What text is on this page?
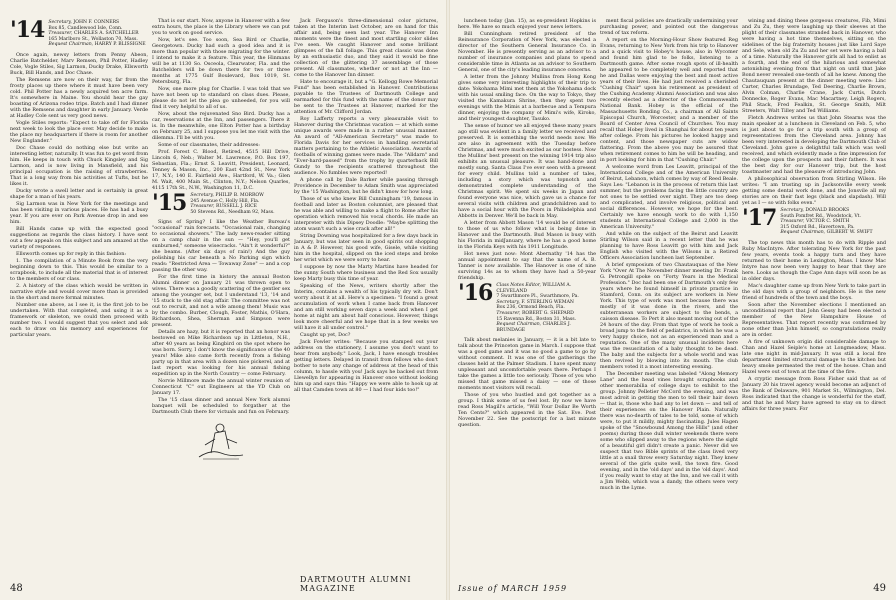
'14 Secretary, JOHN F. CONNERS
Box 85, Candlewood Isle, Conn.
Treasurer, CHARLES A. SATCHELLER
165 Marlboro St., Wollaston 70, Mass.
Bequest Chairman, HARRY P. BLISSIGNE

Once again, newsy letters from Penny Abeon, Charlie Batchelder, Marv Remsen, Phil Potter, Hadley Cole, Vogle Stiles, Sig Larmon, Ducky Drake, Ellsworth Buck, Bill Hands, and Doc Chase.

The Remsens are now on their way, far from the frosty places up there where it must have been very cold. Phil Potter has a newly acquired ten acre farm. It's somewhere in Maine. You should hear the gay boasting of Arizona rodeo trips. Batch and I had dinner with the Remsens and daughter in early January. Verde at Hadley Cole sent us very good news.

Vogle Stiles reports: "Expect to take off for Florida next week to look the place over. May decide to make the place my headquarters if there is room for another New Englander."

Doc Chase could do nothing else but write an interesting letter, naturally. It was fun to get word from him. He keeps in touch with Chuck Kingsley and Sig Larmon, and is now living in Mansfield, and his principal occupation is the raising of strawberries. That is a long way from his activities at Tufts, but he likes it.

Ducky wrote a swell letter and is certainly in great shape for a man of his years.

Sig Larmon was in New York for the meetings and has been visiting in various places. He has had a busy year. If you are ever on Park Avenue drop in and see him.

Bill Hands came up with the expected good suggestions as regards the class history. I have sent out a few appeals on this subject and am amazed at the variety of responses.

Ellsworth comes up for reply in this fashion:

1. The compilation of a Minute Book from the very beginning down to this. This would be similar to a scrapbook, to include all the material that is of interest to the members of our class.

2. A history of the class which would be written in narrative style and would cover more than is provided in the short and more formal minutes.

Number one above, as I see it, is the first job to be undertaken. With that completed, and using it as a framework or skeleton, we could then proceed with number two. I would suggest that you select and ask each to draw on his memory and experiences for particular years.

That is our start. Now, anyone in Hanover with a few extra hours, the place is the Library where we can put you to work on good service.

Now, let's see. Too soon, Sea Bird or Charlie, Georgetown. Ducky had such a good idea and it is more than popular with those migrating for the winter. I intend to make it a feature. This year, the Hinmans will be at 1130 So. Osceola, Clearwater, Fla. and the Batchelders will be down there for two or three months at 1775 Gulf Boulevard, Box 1019, St. Petersburg, Fla.

Now, one more plug for Charlie. I was told that we have not been up to standard on class dues. Please, please do not let the plea go unheeded, for you will find it very helpful to all of us.

Now, about the rejuvenated Sno Bird. Ducky has a car, reservations at the Inn, and passengers. There it is. In the meanwhile, one Elton Potter has a birthday on February 25, and I suppose you let me visit with the dilemma. I'll be with you.

Some of our classmates, their addresses:

Prof. Forest C. Blood, Retired, 4515 Hill Drive, Lincoln 6, Neb.; Walter M. Lawrence, P.O. Box 197, Sebastian, Fla.; Ernst S. Leavitt, President, Leonard, Tenney & Mason, Inc., 200 East 42nd St., New York 17, N.Y.; 140 E. Fairfield Ave., Hartford, W. Va.; Glen M. Wait, 400 Main St., Clinton, N.Y.; Nelson Quarles, 4115 17th St., N.W., Washington 11, D.C.

'15 Secretary, PHILIP B. MORROW
245 Avenue C, Holly Hill, Fla.
Treasurer, RUSSELL J. RICE
50 Stevens Rd., Needham 92, Mass.

Signs of Spring? I like the Weather Bureau's "occasional" rain forecasts. "Occasional rain, changing to occasional showers." The lady news-reader sitting on a camp chair in the sun — "Hey, you'll get sunburned," someone wisecracks. "Ain't it wonderful?" she beams. (After six days of rain!) And the guy polishing his car beneath a No Parking sign which reads: "Restricted Area — Towaway Zone" — and a cop passing the other way.

For the first time in history the annual Boston Alumni dinner on January 21 was thrown open to wives. There was a goodly scattering of the gentler sex among the younger set, but I understand '13, '14 and '15 stuck to the old stag affair. The committee was not out to recruit, and not a wife among them! Music was by the combo. Burber, Clough, Foster, Mathis, O'Hara, Richardson, Shea, Sherman and Simpson were present.

Details are hazy, but it is reported that an honor was bestowed on Mike Richardson up in Littleton, N.H., after 40 years as being Kingbird on the spot where he was born. Sorry, I don't know the significance of the 40 years! Mike also came forth recently from a fishing party up in that area with a dozen nice pickerel, and at last report was looking for his annual fishing expedition up in the North Country — come February.

Norvie Millmore made the annual winter reunion of Connecticut "C" out Engineers at the YD Club on January 17.

The '15 class dinner and annual New York alumni banquet will be scheduled to forgather at the Dartmouth Club there for victuals and fun on February.

Jack Ferguson's three-dimensional color pictures, taken at the Interim last October, are on hand for this affair and, being seen last year. The Hanover Inn moments were the finest and most startling color slides I've seen. We caught Hanover and some brilliant glimpses of the fall foliage. This great classic was done by an enthusiastic duo, and they said it would be fine collection of the glittering 37 assemblage of those present. All classmates, whether or not at the Inn — come to the Hanover Inn dinner.

Hate to encourage it, but a "G. Kellogg Rowe Memorial Fund" has been established in Hanover. Contributions payable to the Trustees of Dartmouth College and earmarked for this fund with the name of the donor may be sent to the Trustees at Hanover, marked for the attention of Mr. Clifford Jordan.

Roy Lafferty reports a very pleasurable visit to Hanover during the Christmas vacation — at which some unique awards were made in a rather unusual manner. An award of "All-American Secretary" was made to Florida Davis for her services in handling secretarial matters pertaining to the Athletic Association. Awards of footballs of winning games were made. The "Alldarn" and "Ever-hard-passed" from the trophy by quarterback Bill Gundy to the recipients scattered throughout the audience. No fumbles were reported!

A phone call by Dale Barker while passing through Providence in December to Adam Smith was appreciated by the '15 Washington, but he didn't know for how long.

Those of us who knew Bill Cunningham '19, famous in football and later as Boston columnist, are pleased that he was able and willing to make a flight to Rome after his operation which removed his vocal chords. He made an interpreter with this Dipsey Doodle: "Maybe splitting the atom wasn't such a wise crack after all!"

String Downing was hospitalized for a few days back in January, but was later seen in good spirits out shopping in A & P. However, his good wife, Gisele, while visiting him in the hospital, slipped on the iced steps and broke her wrist which we were sorry to hear.

I suppose by now the Marty Martins have headed for the sunny South where business and the Red Sox usually keep Marty busy this time of year.

Speaking of the News, writers shortly after the Interim, contains a wealth of his typically dry wit. Don't worry about it at all. Here's a specimen: "I found a great accumulation of work when I came back from Hanover and am still working seven days a week and when I get home at night am about half conscious. However, things look more cheerful and we hope that in a few weeks we will have it all under control."

Caught up yet, Doc?

Jack Fowler writes: "Because you stamped out your address on the stationery, I assume you don't want to hear from anybody." Look, Jack, I have enough troubles getting letters. Delayed in transit from fellows who don't bother to note any change of address at the head of this column, to hassle with you! Jack says he backed out from Llewellyn for appearing in Hanover once without looking him up and says this: "Happy we were able to hook up at all that Camden town at 80 — I had four kids too!"

48
DARTMOUTH ALUMNI MAGAZINE

luncheon today (Jan. 15), as ex-president Hopkins is here. We have so much enjoyed your news letters.

Bill Cunningham retired president of the Reinsurance Corporation of New York, was elected a director of the Southern General Insurance Co. in November. He is presently serving as an advisor to a number of insurance companies and plans to spend considerable time in Atlanta as an advisor to Southern General, one of the city's leading insurance concerns.

A letter from the Johnny Mullins from Hong Kong gives some very interesting highlights of their trip to date: Yokohama Mimi met them at the Yokohama dock with his usual smiling face. On the way to Tokyo, they visited the Kamakura Shrine, then they spent two evenings with the Mimis at a barbecue and a Tempura dinner, enjoying the company of Mimi's wife, Kiroko, and their youngest daughter, Tasuko.

The sense of humor we all enjoyed these many years ago still was evident in a family letter we received and preserved. It is something the world needs now. We are also in agreement with the Tuesday before Christmas, and were much excited as our hostess. Now the Mullins' best present on the winning 1914 trip also exhibits an unusual pleasure. It was hand-done and mostly sung. Santa Claus I've ever seen with a present for every child. Mullins told a number of tales, including a story which was topnotch and demonstrated complete understanding of the Christmas spirit. We spent six weeks in Japan and found everyone was nice, which gave us a chance for several visits with children and grandchildren and to have a social hour with the Poors in Philadelphia and Abbotts in Denver. We'll be back in May.

A letter from Abbott Mason '14 would be of interest to those of us who follow what is being done in Hanover and the Dartmouth. Bud Mason is busy with his Florida in midJanuary, where he has a good home in the Florida Keys with his 1911 Longitude.

Hot news just now: Mont Abernathy '14 has the annual appointment to say that the name of A. B. Tanner is now available. The Hanover is one of nine surviving 14s as to whom they have had a 50-year friendship.

'16 Class Notes Editor, WILLIAM A. CLEVELAND
7 Swarthmore Pl., Swarthmore, Pa.
Secretary, F. STERLING WEMAN
Box 236, Ormond Beach, Fla.
Treasurer, ROBERT G. SHEPARD
15 Ravenna Rd., Boston 31, Mass.
Bequest Chairman, CHARLES J. BRUNDAGE

Talk about melanies in January, — it is a bit late to talk about the Princeton game in March. I suppose that was a good game and it was no good a game to go by without comment. It was one of the gatherings the classes held at the Palmer Stadium. I have spent many unpleasant and uncomfortable years there. Perhaps I take the games a little too seriously. Those of you who missed that game missed a daisy — one of those moments most visitors will recall.

Those of you who hustled and got together as a group. I think some of us feel lost. By now we have read Ross Magill's article, "Will Your Dollar Be Worth Ten Cents?" which appeared in the Sat. Eve. Post November 22. See the postscript for a last minute question.

ment fiscal policies are drastically undermining your purchasing power, and pointed out the dangerous trend of tax reform.

A report on the Morning-Hour Show featured Reg Evans, returning to New York from his trip to Hanover and a quick visit to Hobey's house, also in Wycomer and found him glad to be folks, listening to a Dartmouth game. After some rough spots of ill-health he appeared to be completely well and reported that he and Dallas were enjoying the best and most active years of their lives. He had just received a cherished "Cushing Chair" upon his retirement as president of the Cushing Academy Alumni Association and was also recently elected as a director of the Commonwealth National Bank. Hobey is the official of the Massachusetts Bonding Co., a chairman of All Saints Episcopal Church, Worcester, and a member of the Board of Center Area Council of Churches. You may recall that Hobey lived in Shanghai for about ten years after college. From his pictures he looked happy and content, and those newspaper cuts are widow flattering. From the above you may be assured that when retirement comes to him he will be heading, and in port looking for him in that "Cushing Chair."

A welcome word from Les Leavitt, principal of the International College and of the American University of Beirut, Lebanon, which comes by way of Reed Beale. Says Les: "Lebanon is in the process of return this last summer, but the problems facing the little country are not ones to be settled over night. They are too deep and complicated, and involve religious, political and social differences. However, we hope for the best. Certainly we have enough work to do with 1,150 students at International College and 2,000 in the American University."

And while on the subject of the Beirut and Leavitt Stirling Wilson said in a recent letter that he was planning to have Ross Leavitt go with him and Jack English who visited with the Wilsons in a Retired Officers Association luncheon last September.

A brief symposium of two Chautauquas of the New York "Over At The November dinner meeting Dr. Frank G. Petrongill spoke on "Forty Years in the Medical Profession." Doc had been one of Dartmouth's only few years where he found himself in private practice in Stamford, Conn. on its subject are workers in New York. This type of work was most because there was mostly of it was done in the rivers, and the subterranean workers are subject to the bends, a caisson disease. To Pert it also meant moving out of the 24 hours of the day. From that type of work he took a broad jump to the field of pediatrics, in which he was a very happy choice, not as an experienced man and a reputation. One of the many unusual incidents here was the resuscitation of a baby thought to be dead. The baby and the subjects for a whole world and was then revived by blowing into its mouth. The club members voted it a most interesting evening.

The December meeting was labeled "Along Memory Lane" and the head vines brought scrapbooks and other memorabilia of college days to exhibit to the group. Johnny Pelletier McCord the evening, and was most adroit in getting the men to tell their hair down — that is, those who had any to let down — and tell of their experiences on the Hanover Plain. Naturally there was no-dearth of tales to be told, some of which were, to put it mildly, mighty fascinating. Jules Hagen spoke of the "Snowbound Among the Hills" (and other poems) during those dull winter weekends there were some who slipped away to the regions where the sight of a beautiful girl didn't create a panic. Never did we suspect that two Bible sprints of the class lived very little at a snail throw every Saturday night. They knew several of the girls quite well, the town fire. Good evening, and in the 'old days' and in the 'old days'. And if you really want to stay at the Inn, and we call it with a Jim Webb, which was a dandy, the others were very much in the Lyme.

wining and dining these gorgeous creatures, Fib, Mimi and Zu Zu, they were laughing up their sleeves at the plight of their classmates stranded back in Hanover, who were having a hot time themselves, sitting on the sidelines of the big fraternity houses just like Lord Saye and Sele, when old Zu Zu and her set were having a ball of a time. Naturally the Hanover girls all had to enlist as a fourth, and the end of the hilarious and somewhat astonishing evening from that night on until that Jake Bond never revealed one-tenth of all he knew. Among the Chautauquan present at the dinner meeting were: Linc Carter, Charles Brundage, Ted Deering, Charlie Brown, Alvin Colman, Charlie Crane, Jack Curtis, Dutch Donnecke, Roger Evans, Mac Macartney, Leigh Rogers, Phil Stack, Fred Fealkin, St. George Smith, Milt Streeters, Walt Tilley and Ted Williams.

Fletch Andrews writes us that John Stearns was the main speaker at a luncheon in Cleveland on Feb. 5, who is just about to go for a trip south with a group of representatives from the Cleveland area. Johnny has been very interested in developing the Dartmouth Club of Cleveland. John gave a delightful talk which was well received, and which evidently made a fine impression for the college upon the prospects and their fathers. It was the best day for our Hanover trip, but the host toastmaster and had the pleasure of introducing John.

A philosophical observation from Stirling Wilson. He writes: "I am trusting up in Jacksonville every week getting some dental work done, and the Jonsvile all my stories are on their fast legs (black and slapdash). Will yet as I — so with folks even."

'17 Secretary, DONALD BROOKS
South Pomfret Rd., Woodstock, Vt.
Treasurer, VICTOR C. SMITH
315 Oxford Rd., Havertown, Pa.
Bequest Chairman, GILBERT W. SWIFT

The top news this month has to do with Ripple and Ruby MacIntyre. After tolerating New York for the past few years, events took a happy turn and they have returned to their home in Lexington, Mass. I know Mac Intyre has now been very happy to hear that they are here. Looks as though the Cape Ann days will soon be as in older days.

Mac's daughter came up from New York to take part in the old days with a group of neighbors. He is the new friend of hundreds of the town and the boys.

Soon after the November elections I mentioned an unconditional report that John Gessy had been elected a member of the New Hampshire House of Representatives. That report recently was confirmed by none other than John himself, so congratulations really are in order.

A fire of unknown origin did considerable damage to Chan and Hazel Seiple's home at Longmeadow, Mass. late one night in mid-January. It was still a local fire department limited structural damage to the kitchen but heavy smoke permeated the rest of the house. Chan and Hazel were out of town at the time of the fire.

A cryptic message from Ross Fisher said that as of January 20 his travel agency would become an adjunct of the Bank of Delaware, 901 Market St., Wilmington, Del. Ross indicated that the change is wonderful for the staff, and that he and Mary have agreed to stay on to direct affairs for three years. For

Issue of MARCH 1959	49
